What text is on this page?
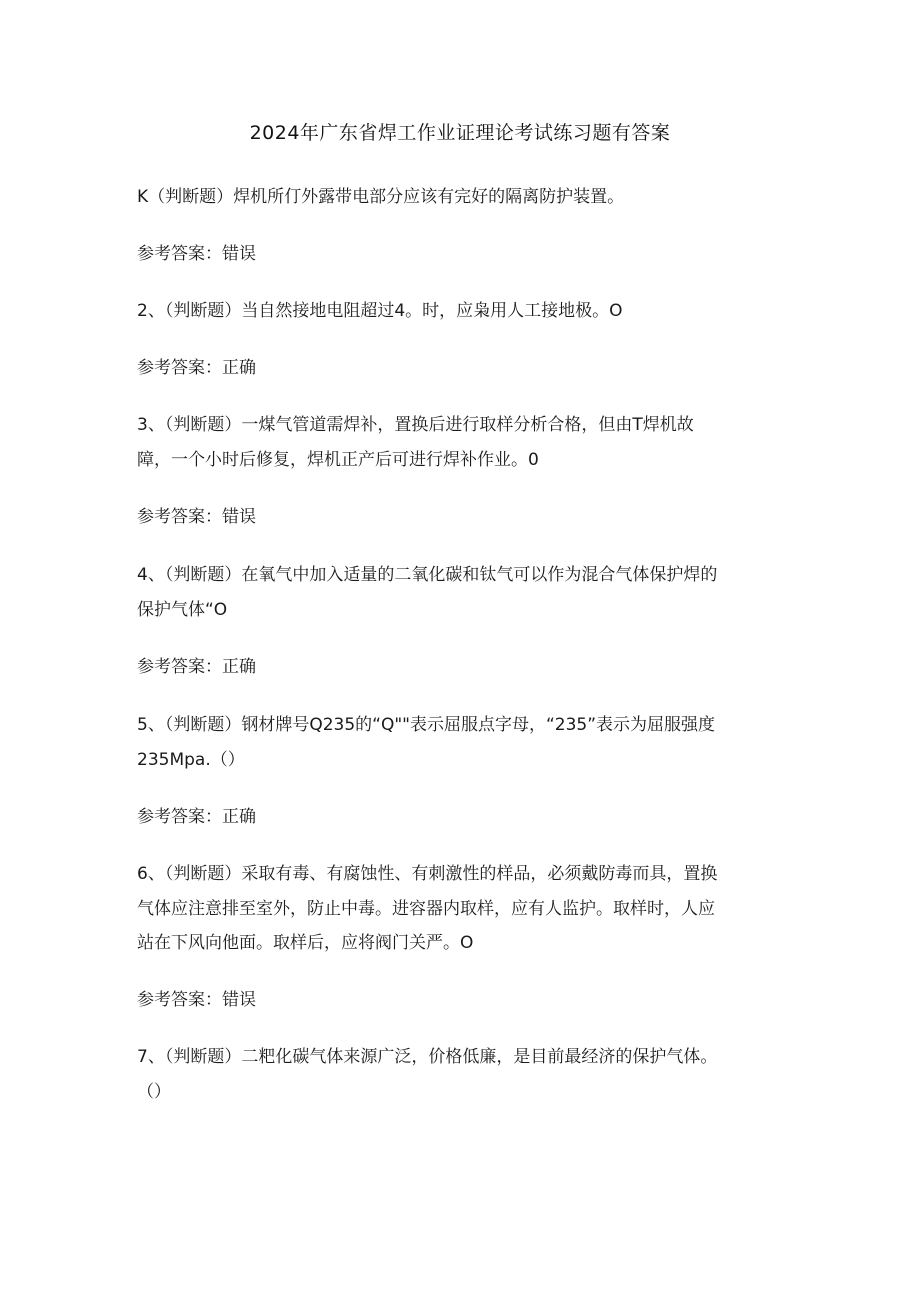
2024年广东省焊工作业证理论考试练习题有答案
K（判断题）焊机所仃外露带电部分应该有完好的隔离防护装置。
参考答案：错误
2、（判断题）当自然接地电阻超过4。时，应枭用人工接地极。O
参考答案：正确
3、（判断题）一煤气管道需焊补，置换后进行取样分析合格，但由T焊机故
障，一个小时后修复，焊机正产后可进行焊补作业。0
参考答案：错误
4、（判断题）在氧气中加入适量的二氧化碳和钛气可以作为混合气体保护焊的
保护气体“O
参考答案：正确
5、（判断题）钢材牌号Q235的“Q""表示屈服点字母，“235”表示为屈服强度
235Mpa.（）
参考答案：正确
6、（判断题）采取有毒、有腐蚀性、有刺激性的样品，必须戴防毒而具，置换
气体应注意排至室外，防止中毒。进容器内取样，应有人监护。取样时，人应
站在下风向他面。取样后，应将阀门关严。O
参考答案：错误
7、（判断题）二粑化碳气体来源广泛，价格低廉，是目前最经济的保护气体。
（）
